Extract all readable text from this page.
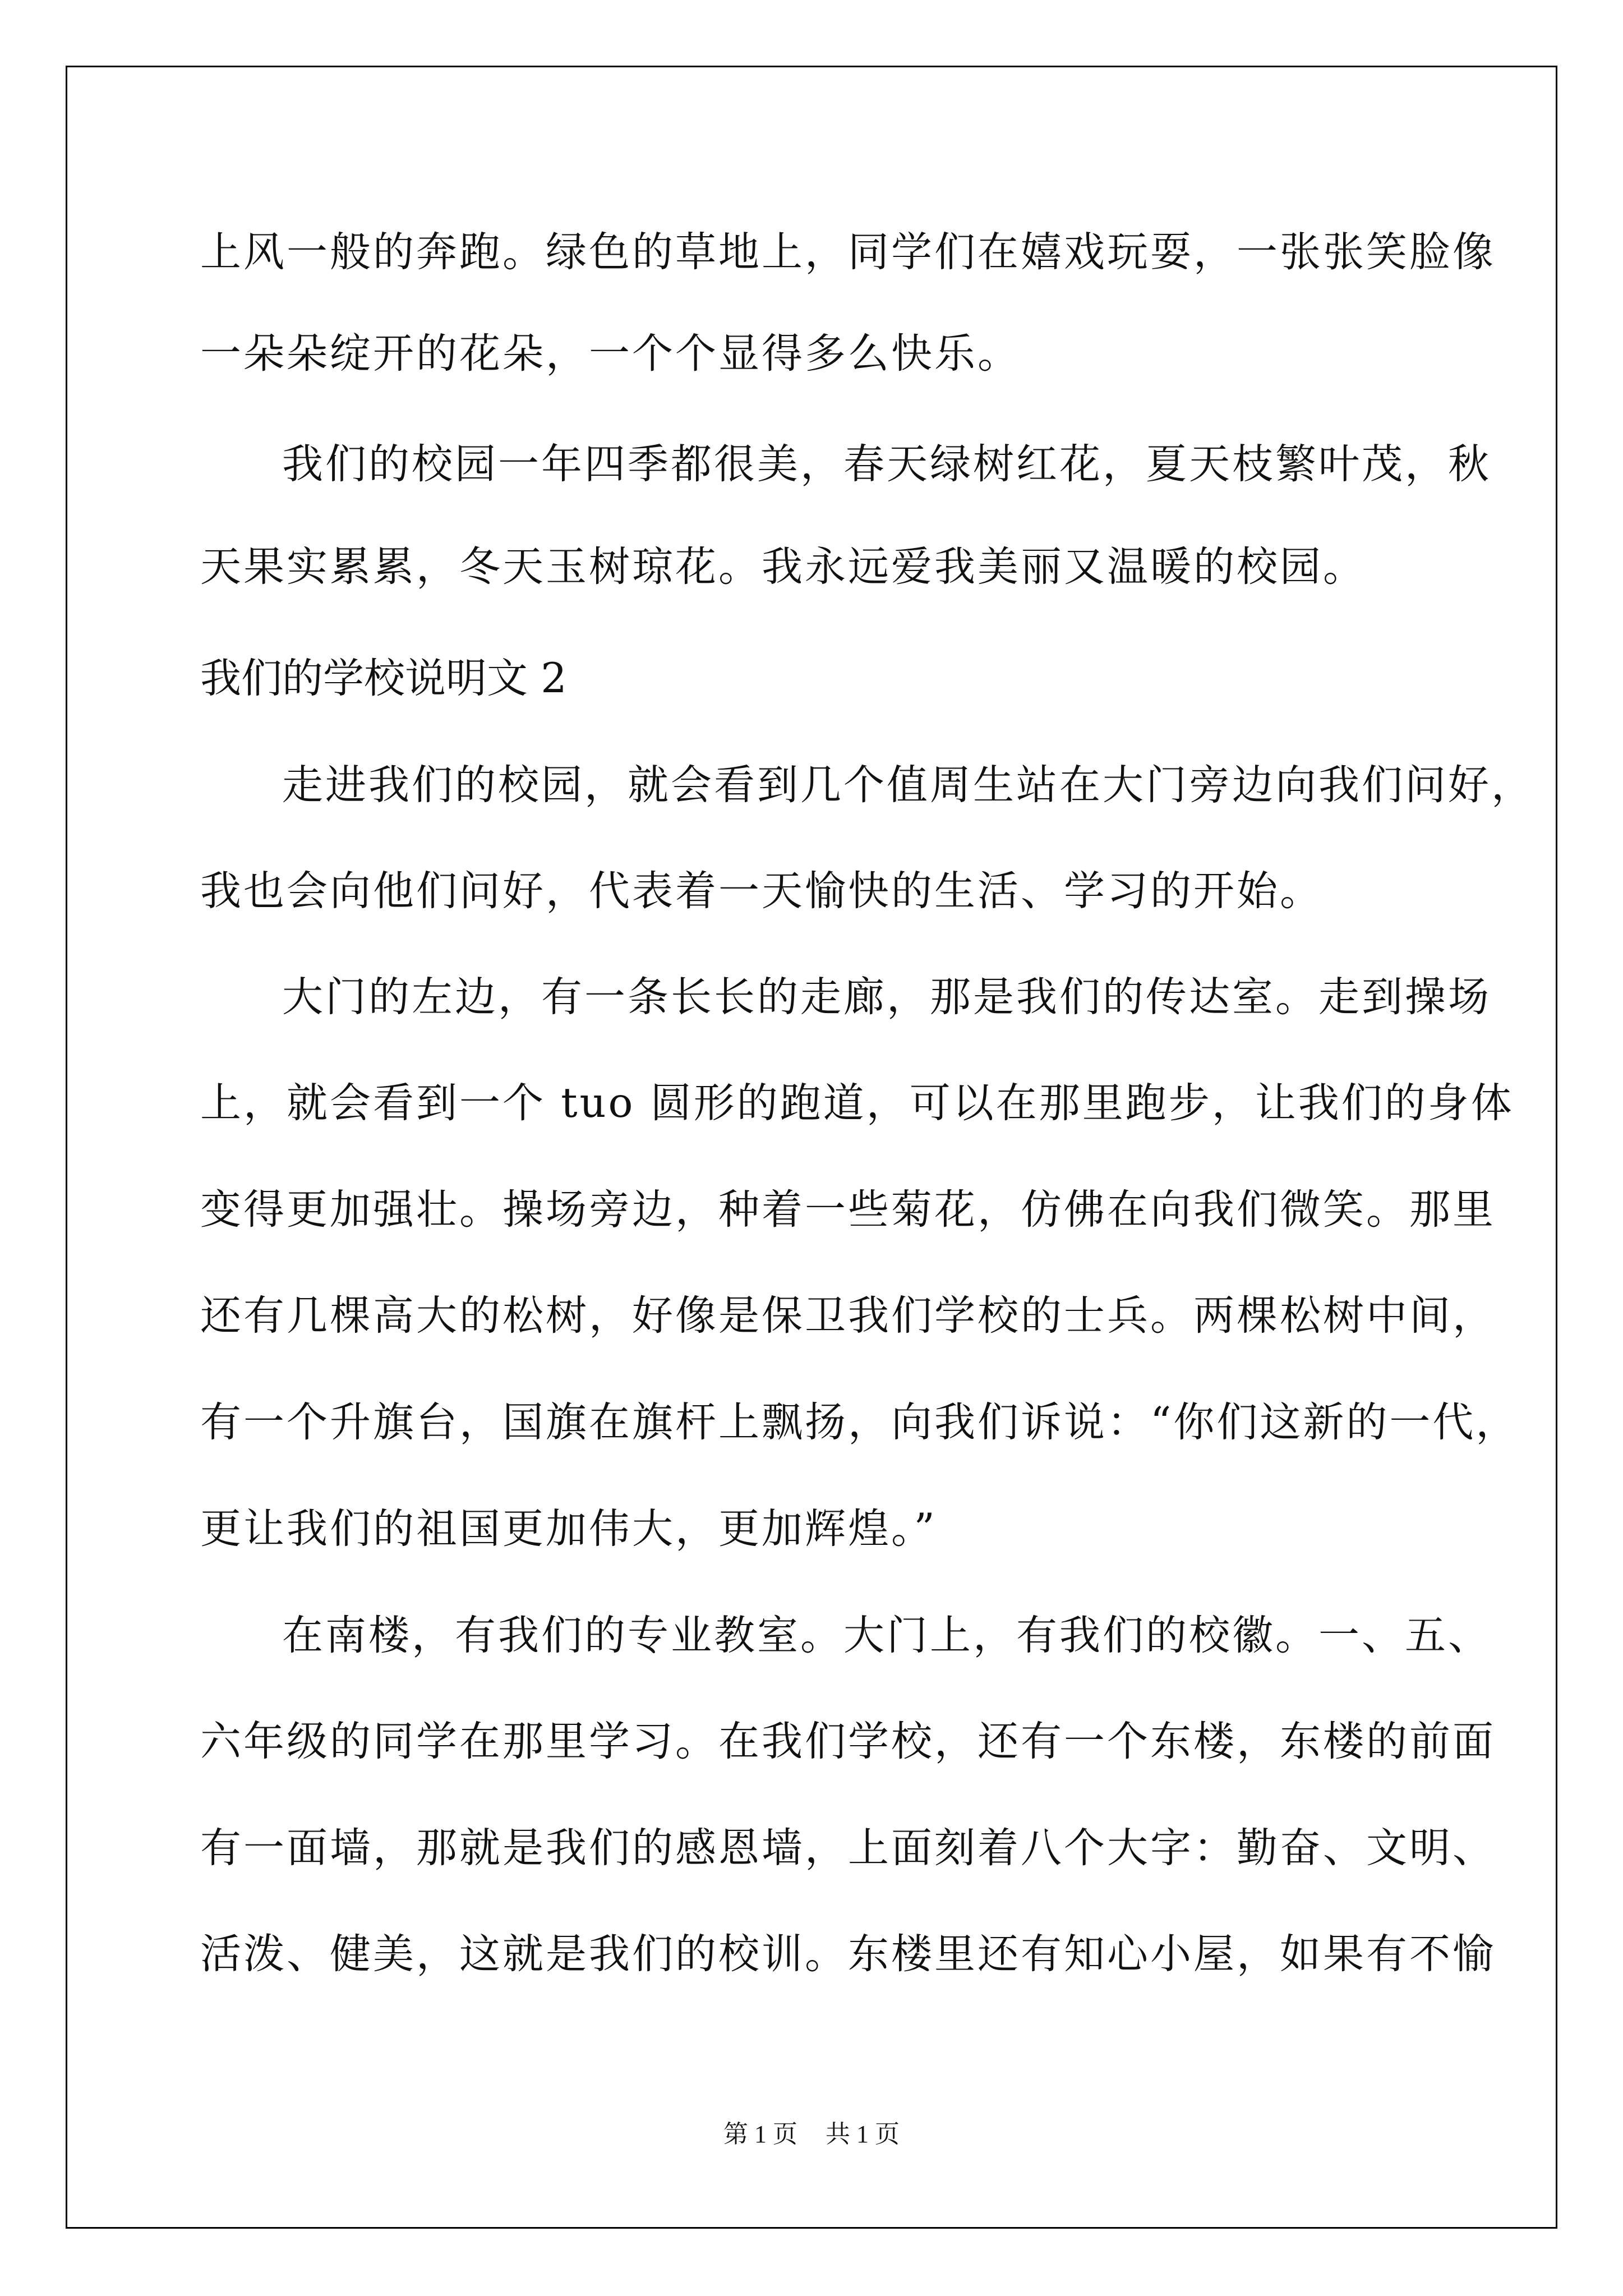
上风一般的奔跑。绿色的草地上，同学们在嬉戏玩耍，一张张笑脸像
一朵朵绽开的花朵，一个个显得多么快乐。
我们的校园一年四季都很美，春天绿树红花，夏天枝繁叶茂，秋
天果实累累，冬天玉树琼花。我永远爱我美丽又温暖的校园。
我们的学校说明文 2
走进我们的校园，就会看到几个值周生站在大门旁边向我们问好，
我也会向他们问好，代表着一天愉快的生活、学习的开始。
大门的左边，有一条长长的走廊，那是我们的传达室。走到操场
上，就会看到一个 tuo 圆形的跑道，可以在那里跑步，让我们的身体
变得更加强壮。操场旁边，种着一些菊花，仿佛在向我们微笑。那里
还有几棵高大的松树，好像是保卫我们学校的士兵。两棵松树中间，
有一个升旗台，国旗在旗杆上飘扬，向我们诉说：“你们这新的一代，
更让我们的祖国更加伟大，更加辉煌。”
在南楼，有我们的专业教室。大门上，有我们的校徽。一、五、
六年级的同学在那里学习。在我们学校，还有一个东楼，东楼的前面
有一面墙，那就是我们的感恩墙，上面刻着八个大字：勤奋、文明、
活泼、健美，这就是我们的校训。东楼里还有知心小屋，如果有不愉
第 1 页 共 1 页
